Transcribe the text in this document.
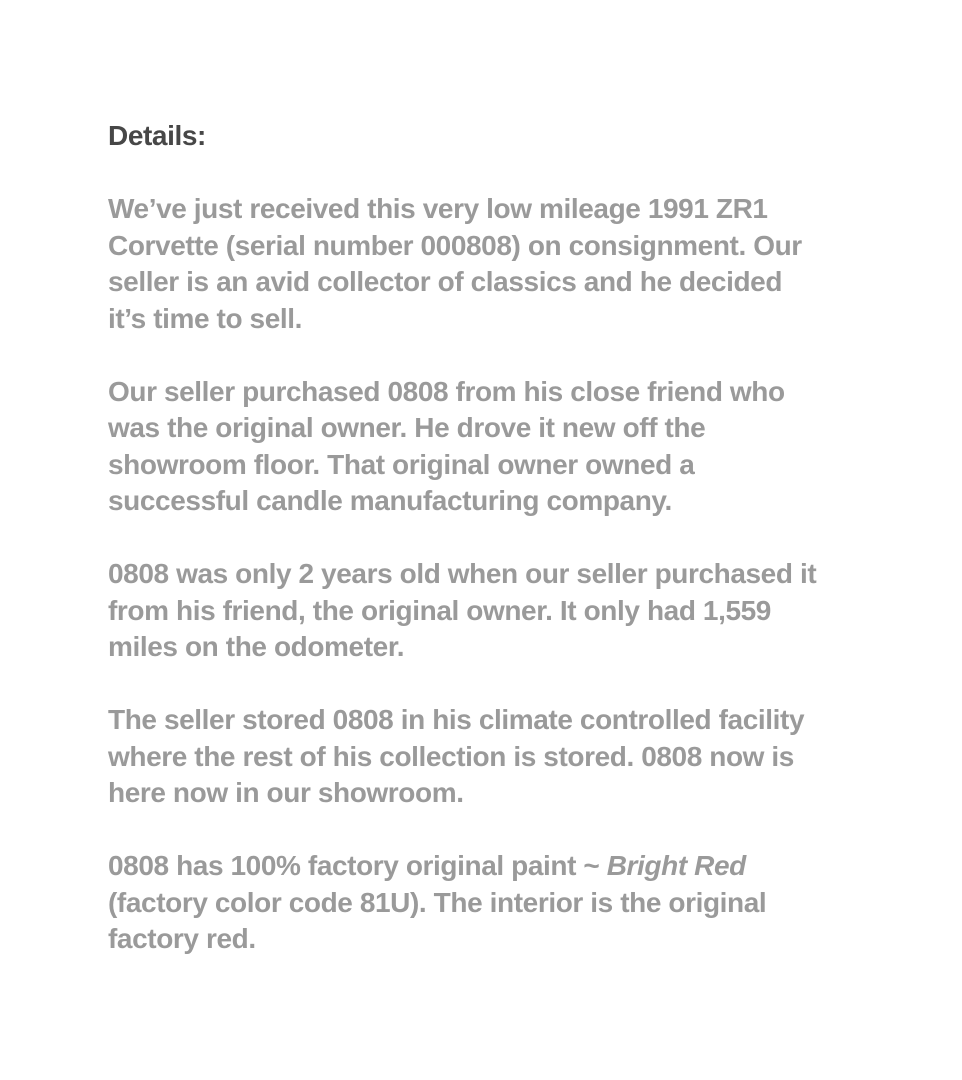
Details:
We’ve just received this very low mileage 1991 ZR1
Corvette (serial number 000808) on consignment. Our
seller is an avid collector of classics and he decided
it’s time to sell.
Our seller purchased 0808 from his close friend who
was the original owner. He drove it new off the
showroom floor. That original owner owned a
successful candle manufacturing company.
0808 was only 2 years old when our seller purchased it
from his friend, the original owner. It only had 1,559
miles on the odometer.
The seller stored 0808 in his climate controlled facility
where the rest of his collection is stored. 0808 now is
here now in our showroom.
0808 has 100% factory original paint ~ Bright Red
(factory color code 81U). The interior is the original
factory red.
